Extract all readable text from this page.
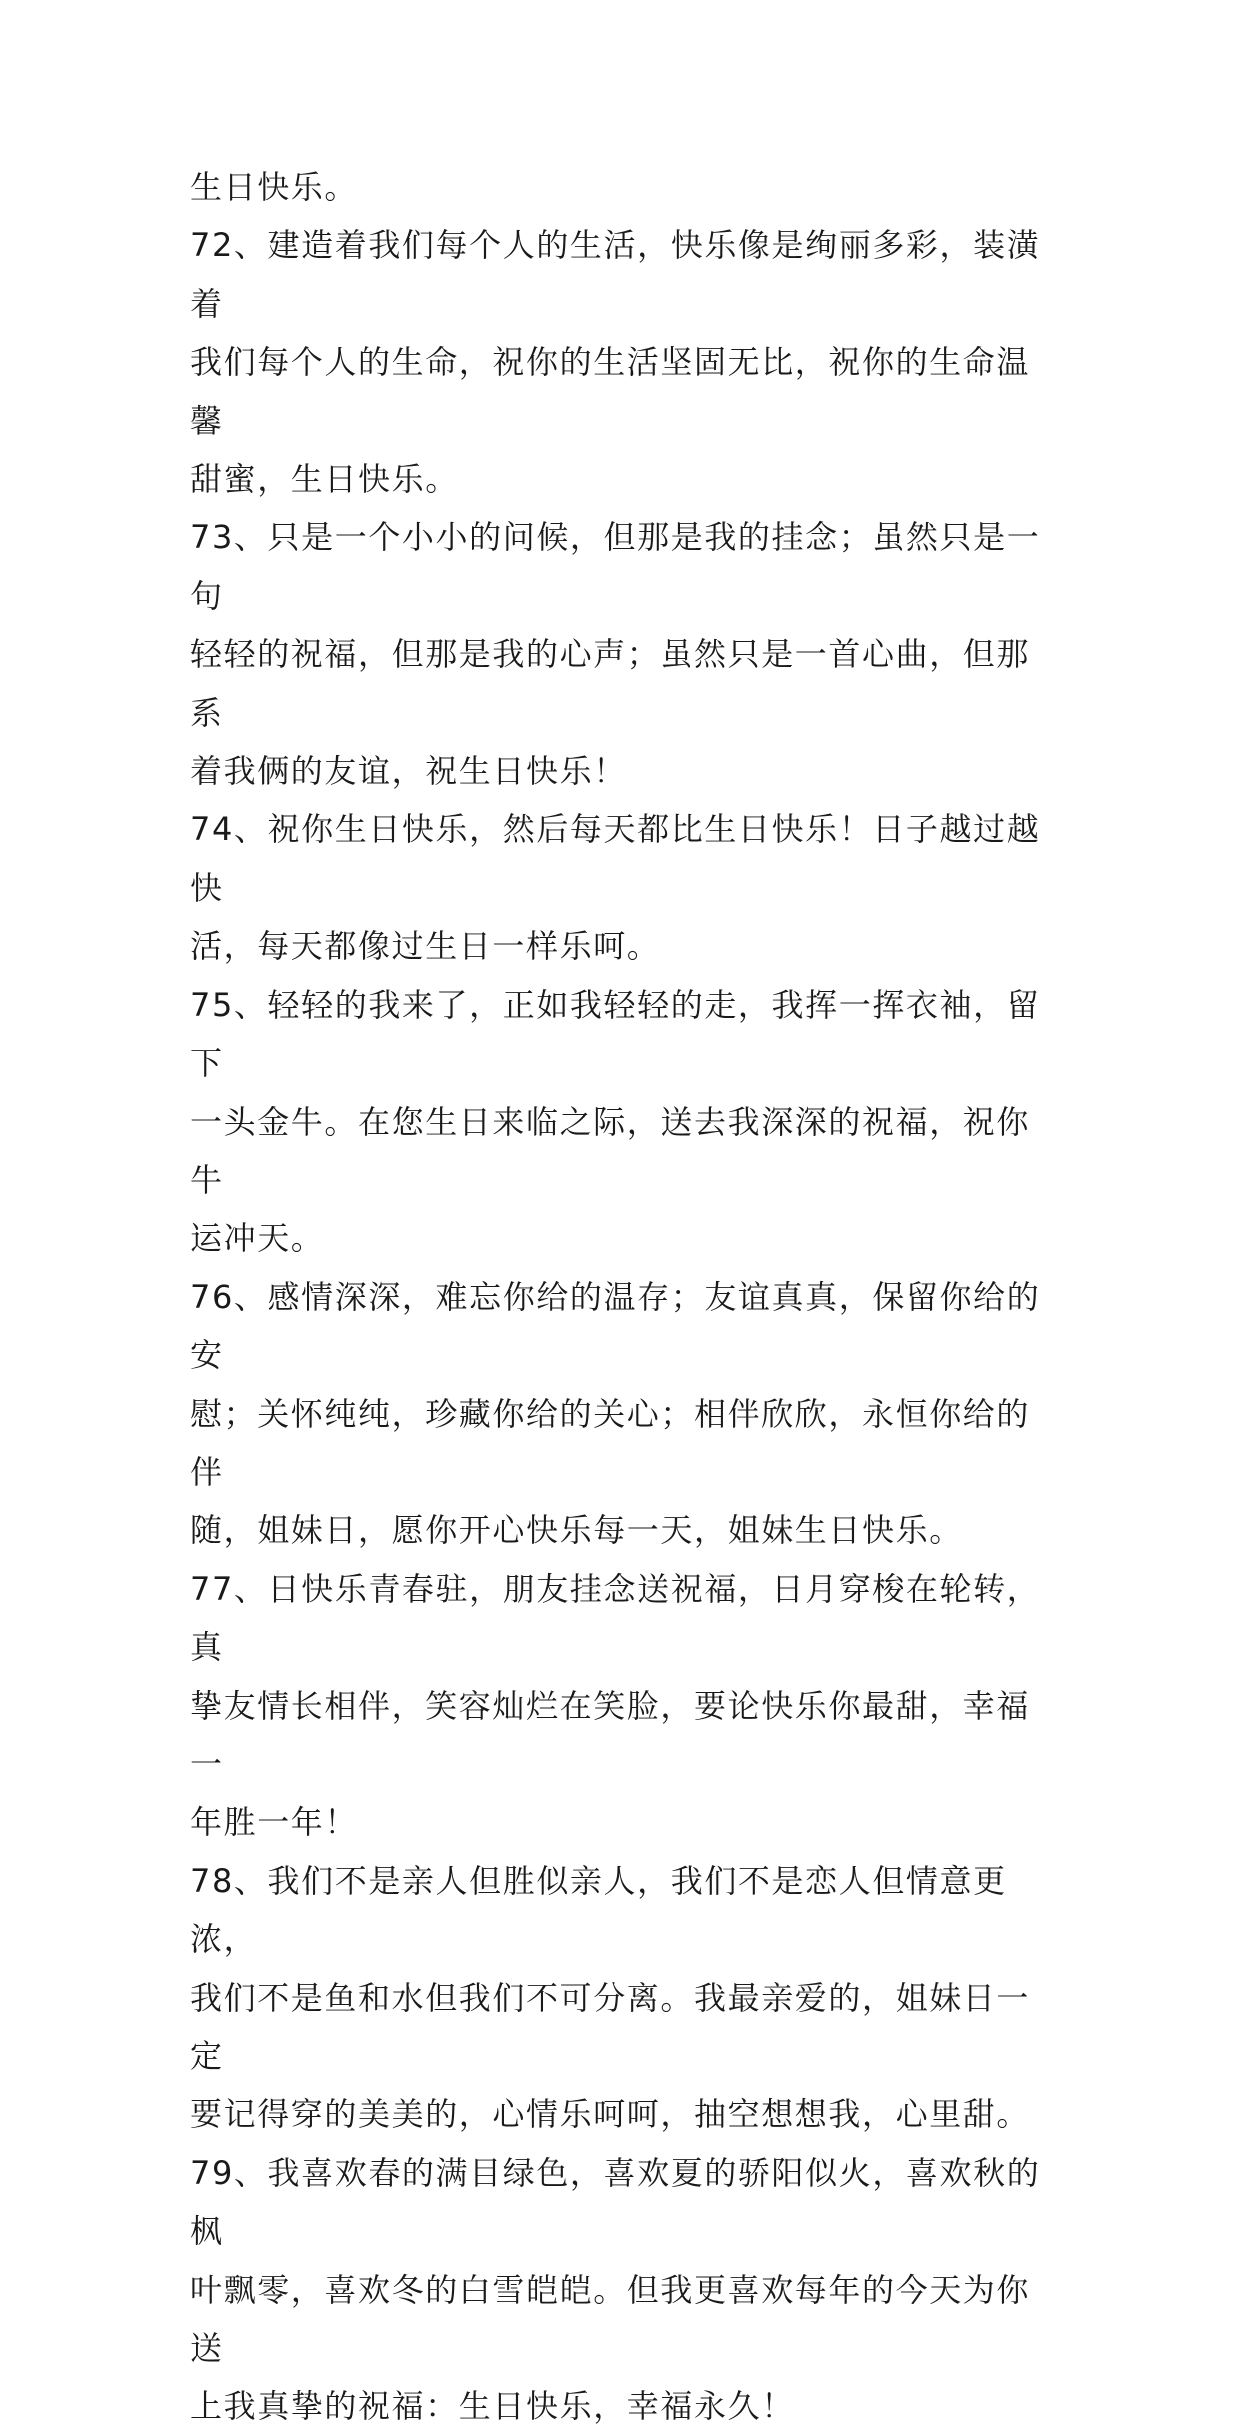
生日快乐。

72、建造着我们每个人的生活，快乐像是绚丽多彩，装潢着
我们每个人的生命，祝你的生活坚固无比，祝你的生命温馨
甜蜜，生日快乐。

73、只是一个小小的问候，但那是我的挂念；虽然只是一句
轻轻的祝福，但那是我的心声；虽然只是一首心曲，但那系
着我俩的友谊，祝生日快乐！

74、祝你生日快乐，然后每天都比生日快乐！日子越过越快
活，每天都像过生日一样乐呵。

75、轻轻的我来了，正如我轻轻的走，我挥一挥衣袖，留下
一头金牛。在您生日来临之际，送去我深深的祝福，祝你牛
运冲天。

76、感情深深，难忘你给的温存；友谊真真，保留你给的安
慰；关怀纯纯，珍藏你给的关心；相伴欣欣，永恒你给的伴
随，姐妹日，愿你开心快乐每一天，姐妹生日快乐。

77、日快乐青春驻，朋友挂念送祝福，日月穿梭在轮转，真
挚友情长相伴，笑容灿烂在笑脸，要论快乐你最甜，幸福一
年胜一年！

78、我们不是亲人但胜似亲人，我们不是恋人但情意更浓，
我们不是鱼和水但我们不可分离。我最亲爱的，姐妹日一定
要记得穿的美美的，心情乐呵呵，抽空想想我，心里甜。

79、我喜欢春的满目绿色，喜欢夏的骄阳似火，喜欢秋的枫
叶飘零，喜欢冬的白雪皑皑。但我更喜欢每年的今天为你送
上我真挚的祝福：生日快乐，幸福永久！
